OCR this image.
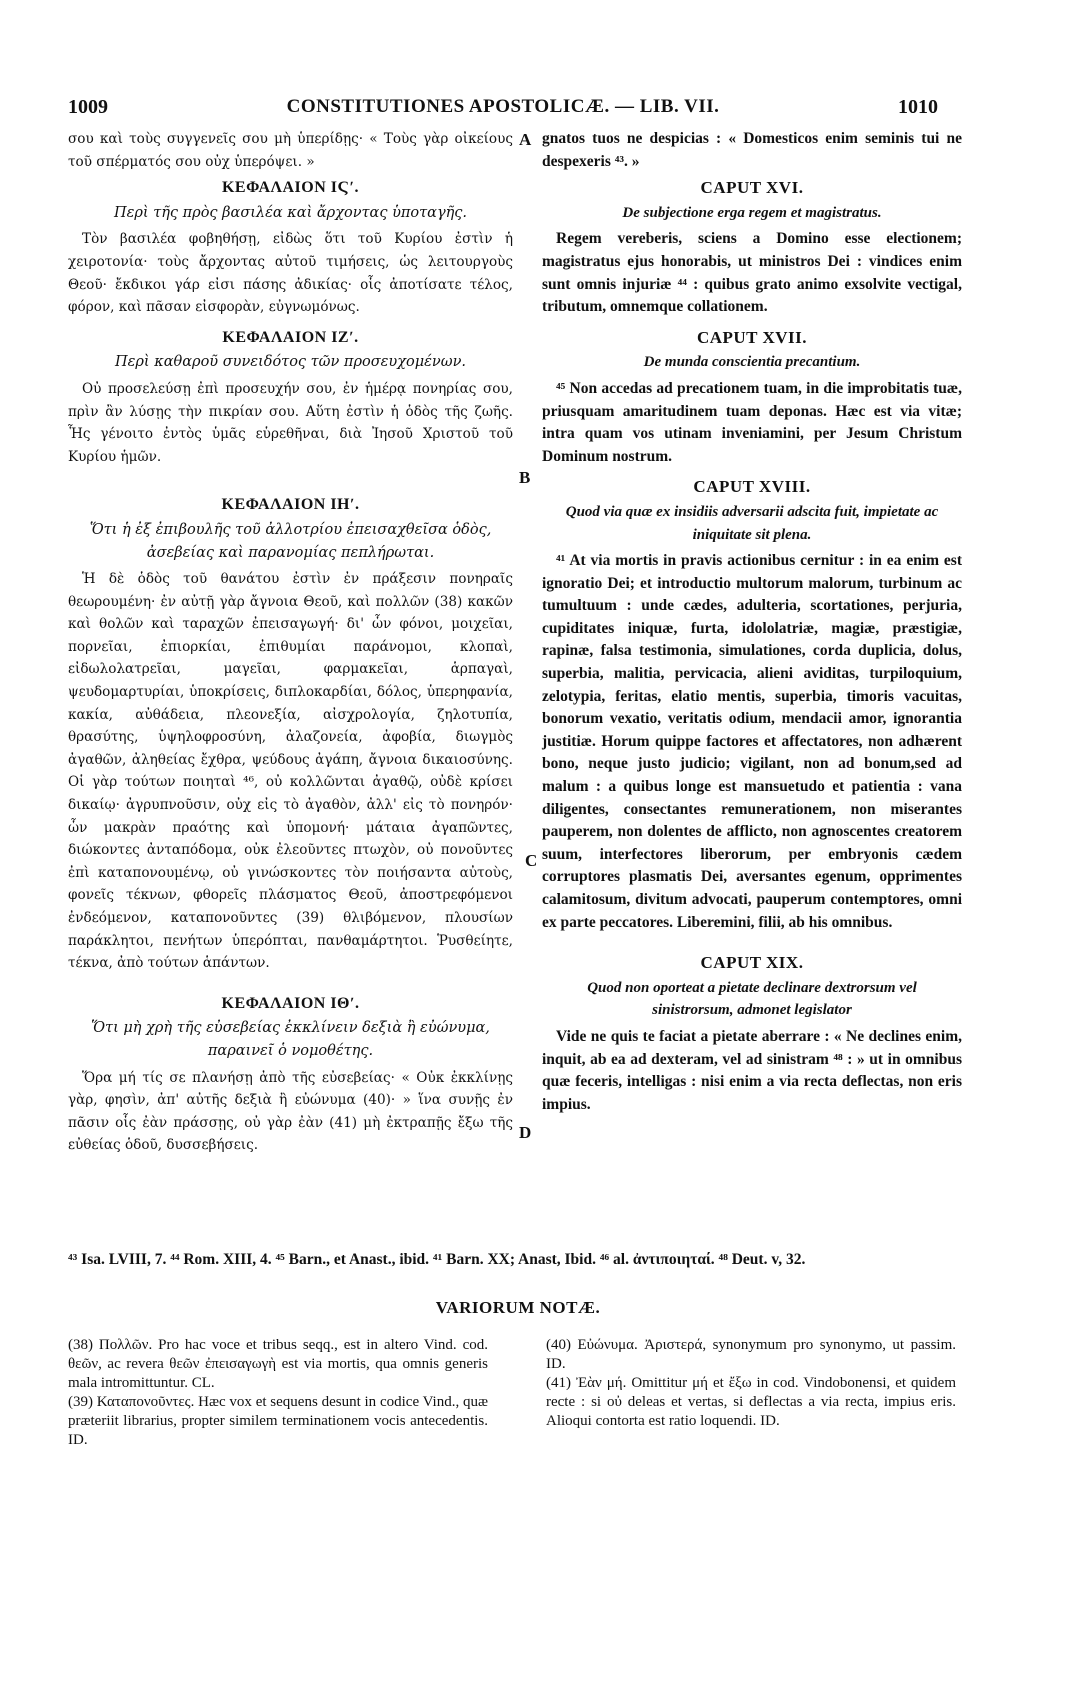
1009	CONSTITUTIONES APOSTOLICÆ. — LIB. VII.	1010

σου καὶ τοὺς συγγενεῖς σου μὴ ὑπερίδῃς· « Τοὺς γὰρ οἰκείους τοῦ σπέρματός σου οὐχ ὑπερόψει. »

ΚΕΦΑΛΑΙΟΝ ΙϚʹ.
Περὶ τῆς πρὸς βασιλέα καὶ ἄρχοντας ὑποταγῆς.

Τὸν βασιλέα φοβηθήσῃ, εἰδὼς ὅτι τοῦ Κυρίου ἐστὶν ἡ χειροτονία· τοὺς ἄρχοντας αὐτοῦ τιμήσεις, ὡς λειτουργοὺς Θεοῦ· ἔκδικοι γάρ εἰσι πάσης ἀδικίας· οἷς ἀποτίσατε τέλος, φόρον, καὶ πᾶσαν εἰσφορὰν, εὐγνωμόνως.

ΚΕΦΑΛΑΙΟΝ ΙΖʹ.
Περὶ καθαροῦ συνειδότος τῶν προσευχομένων.

Οὐ προσελεύσῃ ἐπὶ προσευχήν σου, ἐν ἡμέρᾳ πονηρίας σου, πρὶν ἂν λύσῃς τὴν πικρίαν σου. Αὕτη ἐστὶν ἡ ὁδὸς τῆς ζωῆς. Ἧς γένοιτο ἐντὸς ὑμᾶς εὑρεθῆναι, διὰ Ἰησοῦ Χριστοῦ τοῦ Κυρίου ἡμῶν.

ΚΕΦΑΛΑΙΟΝ ΙΗʹ.
Ὅτι ἡ ἐξ ἐπιβουλῆς τοῦ ἀλλοτρίου ἐπεισαχθεῖσα ὁδὸς, ἀσεβείας καὶ παρανομίας πεπλήρωται.

Ἡ δὲ ὁδὸς τοῦ θανάτου ἐστὶν ἐν πράξεσιν πονηραῖς θεωρουμένη· ἐν αὐτῇ γὰρ ἄγνοια Θεοῦ, καὶ πολλῶν (38) κακῶν καὶ θολῶν καὶ ταραχῶν ἐπεισαγωγή· δι' ὧν φόνοι, μοιχεῖαι, πορνεῖαι, ἐπιορκίαι, ἐπιθυμίαι παράνομοι, κλοπαὶ, εἰδωλολατρεῖαι, μαγεῖαι, φαρμακεῖαι, ἁρπαγαὶ, ψευδομαρτυρίαι, ὑποκρίσεις, διπλοκαρδίαι, δόλος, ὑπερηφανία, κακία, αὐθάδεια, πλεονεξία, αἰσχρολογία, ζηλοτυπία, θρασύτης, ὑψηλοφροσύνη, ἀλαζονεία, ἀφοβία, διωγμὸς ἀγαθῶν, ἀληθείας ἔχθρα, ψεύδους ἀγάπη, ἄγνοια δικαιοσύνης. Οἱ γὰρ τούτων ποιηταὶ ⁴⁶, οὐ κολλῶνται ἀγαθῷ, οὐδὲ κρίσει δικαίῳ· ἀγρυπνοῦσιν, οὐχ εἰς τὸ ἀγαθὸν, ἀλλ' εἰς τὸ πονηρόν· ὧν μακρὰν πραότης καὶ ὑπομονή· μάταια ἀγαπῶντες, διώκοντες ἀνταπόδομα, οὐκ ἐλεοῦντες πτωχὸν, οὐ πονοῦντες ἐπὶ καταπονουμένῳ, οὐ γινώσκοντες τὸν ποιήσαντα αὐτοὺς, φονεῖς τέκνων, φθορεῖς πλάσματος Θεοῦ, ἀποστρεφόμενοι ἐνδεόμενον, καταπονοῦντες (39) θλιβόμενον, πλουσίων παράκλητοι, πενήτων ὑπερόπται, πανθαμάρτητοι. Ῥυσθείητε, τέκνα, ἀπὸ τούτων ἁπάντων.

ΚΕΦΑΛΑΙΟΝ ΙΘʹ.
Ὅτι μὴ χρὴ τῆς εὐσεβείας ἐκκλίνειν δεξιὰ ἢ εὐώνυμα, παραινεῖ ὁ νομοθέτης.

Ὅρα μή τίς σε πλανήσῃ ἀπὸ τῆς εὐσεβείας· « Οὐκ ἐκκλίνῃς γὰρ, φησὶν, ἀπ' αὐτῆς δεξιὰ ἢ εὐώνυμα (40)· » ἵνα συνῇς ἐν πᾶσιν οἷς ἐὰν πράσσῃς, οὐ γὰρ ἐὰν (41) μὴ ἐκτραπῇς ἔξω τῆς εὐθείας ὁδοῦ, δυσσεβήσεις.

A
B
C
D

gnatos tuos ne despicias : « Domesticos enim seminis tui ne despexeris ⁴³. »

CAPUT XVI.
De subjectione erga regem et magistratus.

Regem vereberis, sciens a Domino esse electionem; magistratus ejus honorabis, ut ministros Dei : vindices enim sunt omnis injuriæ ⁴⁴ : quibus grato animo exsolvite vectigal, tributum, omnemque collationem.

CAPUT XVII.
De munda conscientia precantium.

⁴⁵ Non accedas ad precationem tuam, in die improbitatis tuæ, priusquam amaritudinem tuam deponas. Hæc est via vitæ; intra quam vos utinam inveniamini, per Jesum Christum Dominum nostrum.

CAPUT XVIII.
Quod via quæ ex insidiis adversarii adscita fuit, impietate ac iniquitate sit plena.

⁴¹ At via mortis in pravis actionibus cernitur : in ea enim est ignoratio Dei; et introductio multorum malorum, turbinum ac tumultuum : unde cædes, adulteria, scortationes, perjuria, cupiditates iniquæ, furta, idololatriæ, magiæ, præstigiæ, rapinæ, falsa testimonia, simulationes, corda duplicia, dolus, superbia, malitia, pervicacia, alieni aviditas, turpiloquium, zelotypia, feritas, elatio mentis, superbia, timoris vacuitas, bonorum vexatio, veritatis odium, mendacii amor, ignorantia justitiæ. Horum quippe factores et affectatores, non adhærent bono, neque justo judicio; vigilant, non ad bonum,sed ad malum : a quibus longe est mansuetudo et patientia : vana diligentes, consectantes remunerationem, non miserantes pauperem, non dolentes de afflicto, non agnoscentes creatorem suum, interfectores liberorum, per embryonis cædem corruptores plasmatis Dei, aversantes egenum, opprimentes calamitosum, divitum advocati, pauperum contemptores, omni ex parte peccatores. Liberemini, filii, ab his omnibus.

CAPUT XIX.
Quod non oporteat a pietate declinare dextrorsum vel sinistrorsum, admonet legislator

Vide ne quis te faciat a pietate aberrare : « Ne declines enim, inquit, ab ea ad dexteram, vel ad sinistram ⁴⁸ : » ut in omnibus quæ feceris, intelligas : nisi enim a via recta deflectas, non eris impius.

⁴³ Isa. LVIII, 7. ⁴⁴ Rom. XIII, 4. ⁴⁵ Barn., et Anast., ibid. ⁴¹ Barn. XX; Anast, Ibid. ⁴⁶ al. ἀντιποιηταί. ⁴⁸ Deut. v, 32.
VARIORUM NOTÆ.

(38) Πολλῶν. Pro hac voce et tribus seqq., est in altero Vind. cod. θεῶν, ac revera θεῶν ἐπεισαγωγὴ est via mortis, qua omnis generis mala intromittuntur. CL.

(39) Καταπονοῦντες. Hæc vox et sequens desunt in codice Vind., quæ præteriit librarius, propter similem terminationem vocis antecedentis. ID.

(40) Εὐώνυμα. Ἀριστερά, synonymum pro synonymo, ut passim. ID.

(41) Ἐὰν μή. Omittitur μή et ἔξω in cod. Vindobonensi, et quidem recte : si οὐ deleas et vertas, si deflectas a via recta, impius eris. Alioqui contorta est ratio loquendi. ID.
